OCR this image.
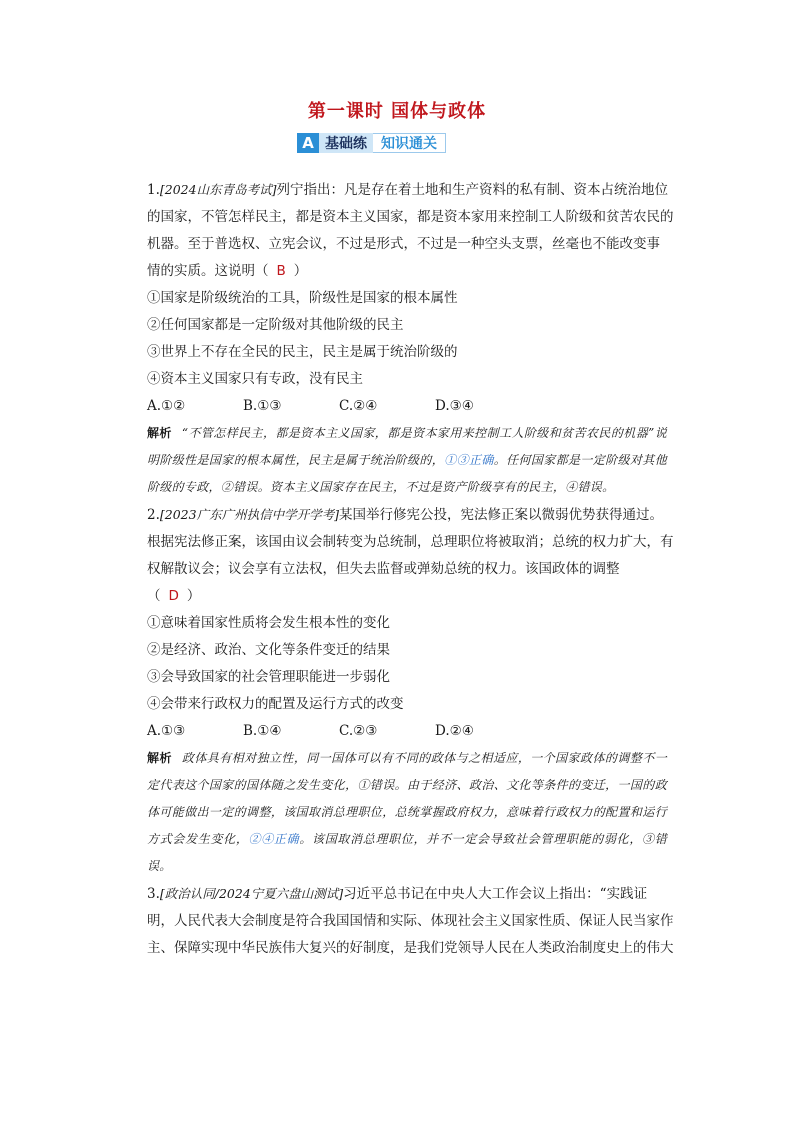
第一课时 国体与政体
A 基础练	知识通关
1.[2024山东青岛考试]列宁指出：凡是存在着土地和生产资料的私有制、资本占统治地位
的国家，不管怎样民主，都是资本主义国家，都是资本家用来控制工人阶级和贫苦农民的
机器。至于普选权、立宪会议，不过是形式，不过是一种空头支票，丝毫也不能改变事
情的实质。这说明（ B ）
①国家是阶级统治的工具，阶级性是国家的根本属性
②任何国家都是一定阶级对其他阶级的民主
③世界上不存在全民的民主，民主是属于统治阶级的
④资本主义国家只有专政，没有民主
A.①②	B.①③	C.②④	D.③④
解析 “不管怎样民主，都是资本主义国家，都是资本家用来控制工人阶级和贫苦农民的机器”说明阶级性是国家的根本属性，民主是属于统治阶级的，①③正确。任何国家都是一定阶级对其他阶级的专政，②错误。资本主义国家存在民主，不过是资产阶级享有的民主，④错误。
2.[2023广东广州执信中学开学考]某国举行修宪公投，宪法修正案以微弱优势获得通过。
根据宪法修正案，该国由议会制转变为总统制，总理职位将被取消；总统的权力扩大，有
权解散议会；议会享有立法权，但失去监督或弹劾总统的权力。该国政体的调整
（ D ）
①意味着国家性质将会发生根本性的变化
②是经济、政治、文化等条件变迁的结果
③会导致国家的社会管理职能进一步弱化
④会带来行政权力的配置及运行方式的改变
A.①③	B.①④	C.②③	D.②④
解析 政体具有相对独立性，同一国体可以有不同的政体与之相适应，一个国家政体的调整不一定代表这个国家的国体随之发生变化，①错误。由于经济、政治、文化等条件的变迁，一国的政体可能做出一定的调整，该国取消总理职位，总统掌握政府权力，意味着行政权力的配置和运行方式会发生变化，②④正确。该国取消总理职位，并不一定会导致社会管理职能的弱化，③错误。
3.[政治认同/2024宁夏六盘山测试]习近平总书记在中央人大工作会议上指出：“实践证
明，人民代表大会制度是符合我国国情和实际、体现社会主义国家性质、保证人民当家作
主、保障实现中华民族伟大复兴的好制度，是我们党领导人民在人类政治制度史上的伟大
